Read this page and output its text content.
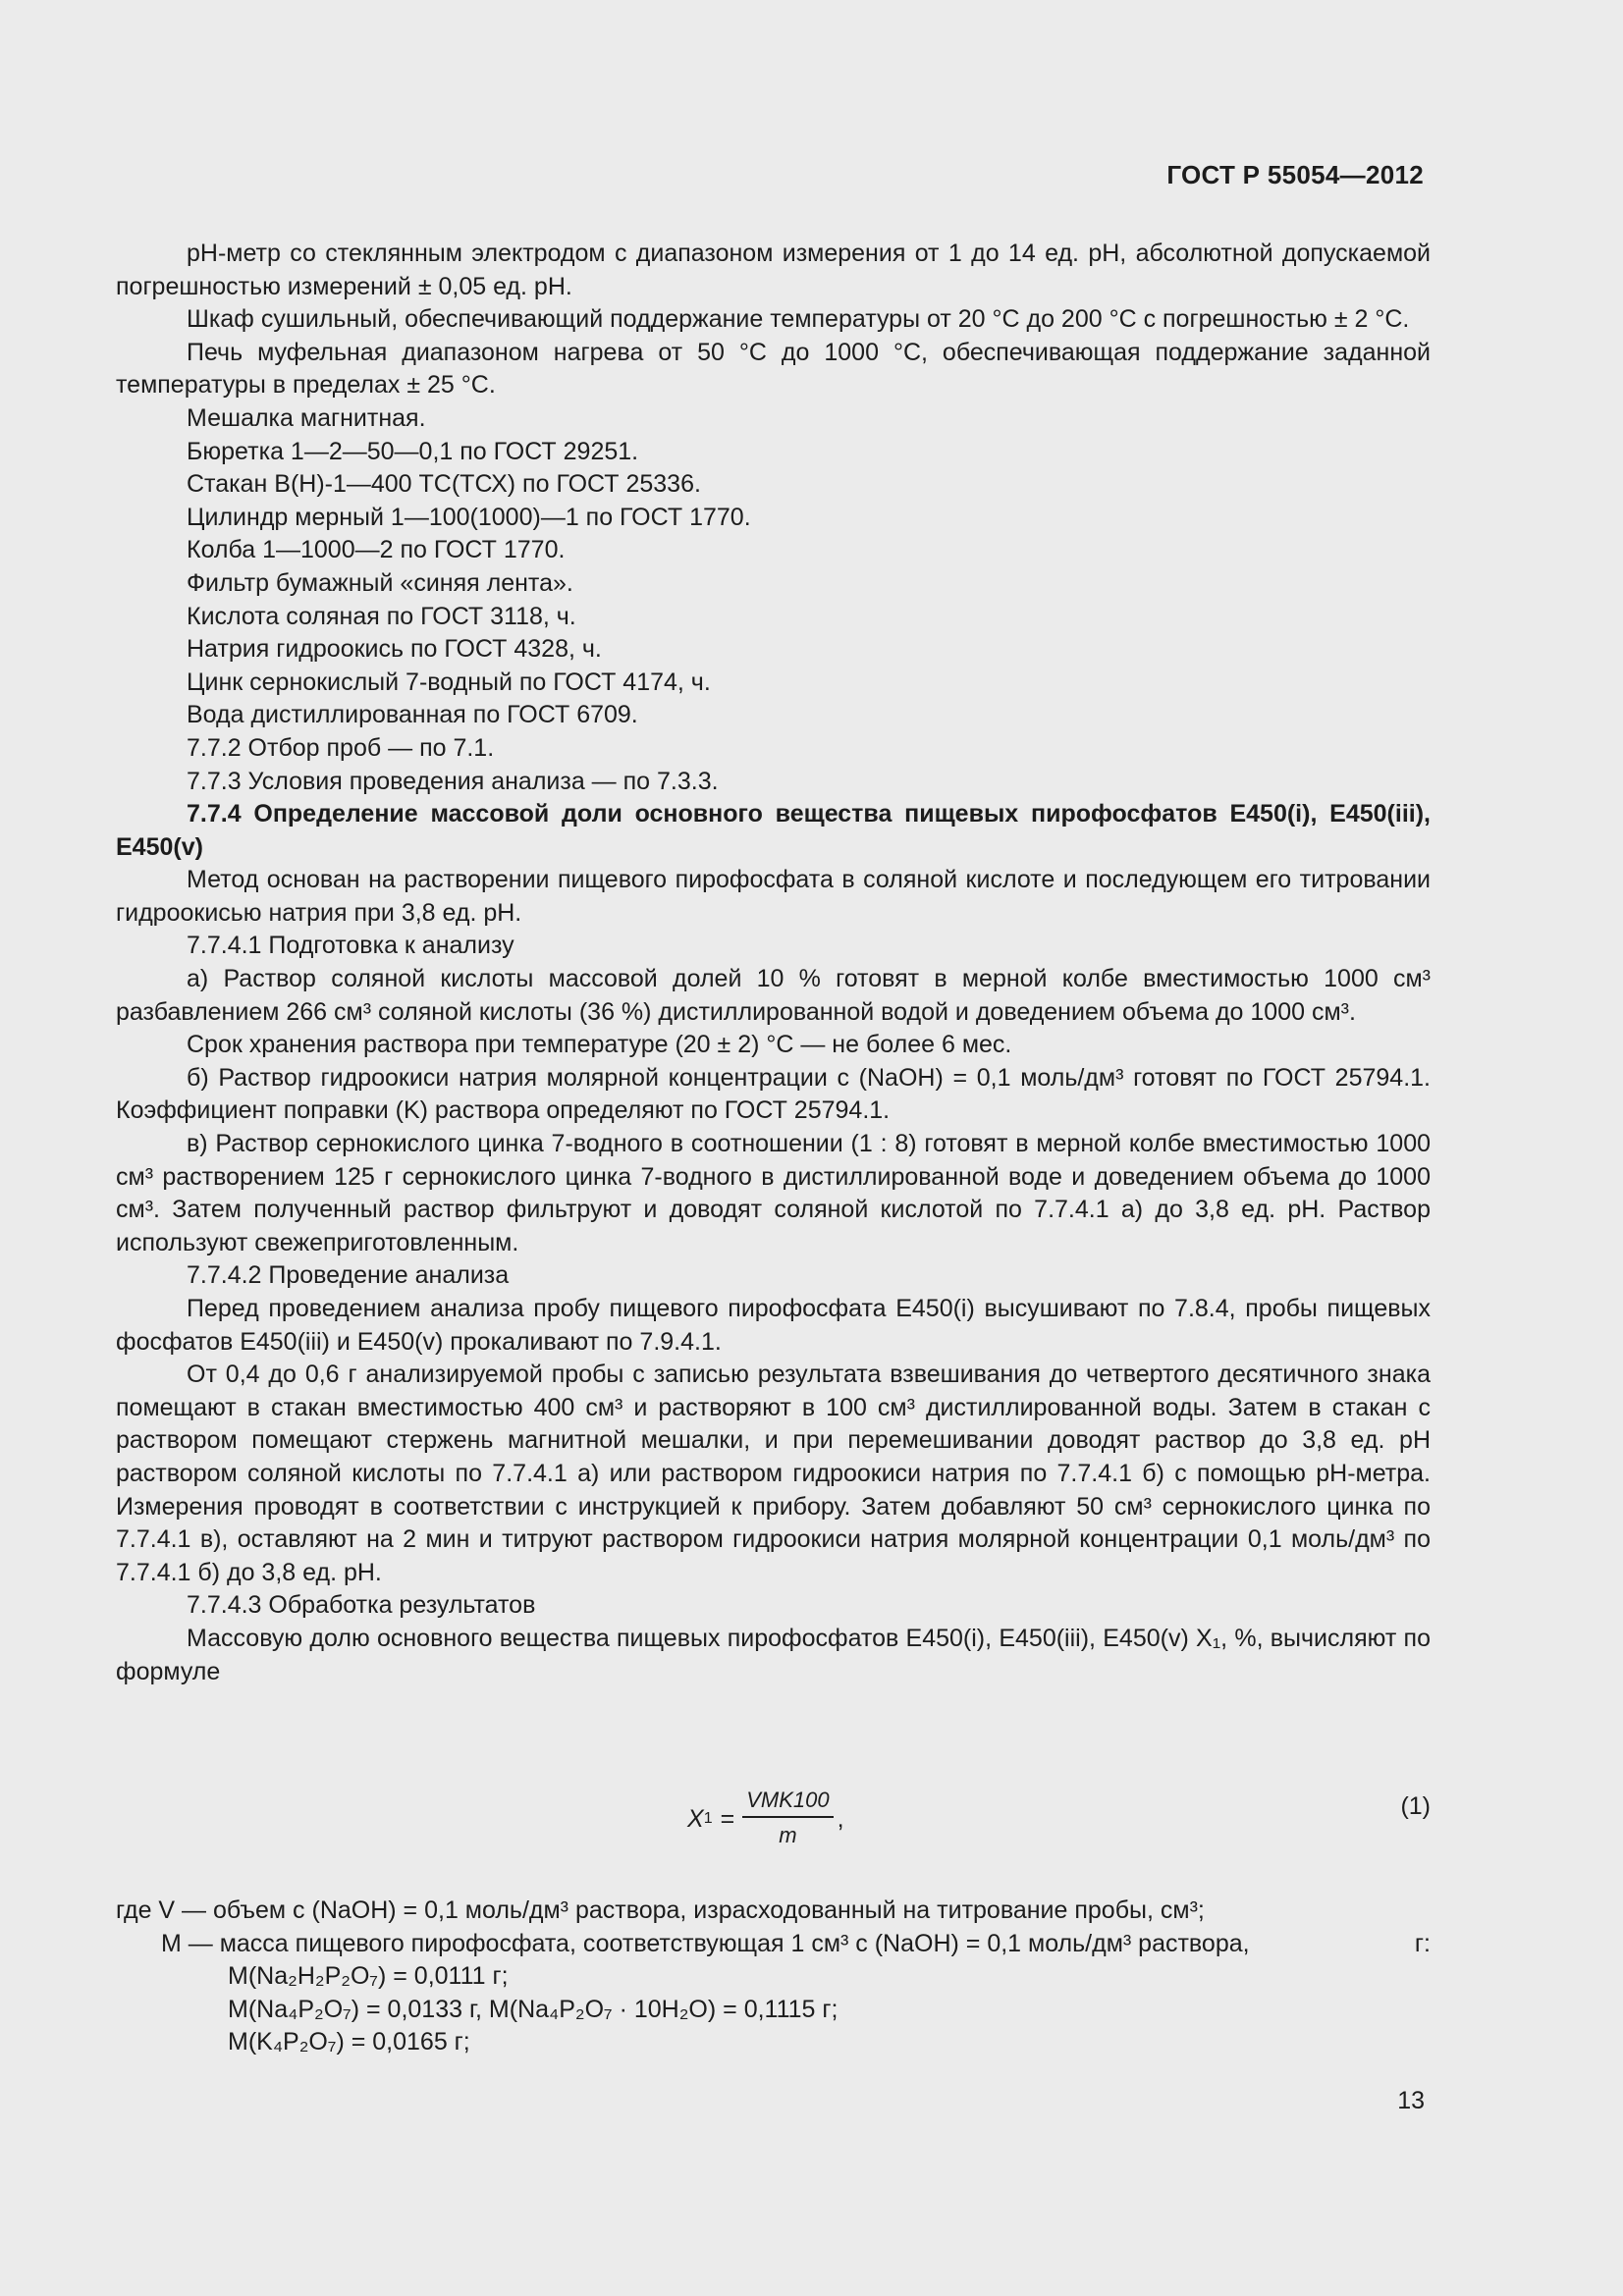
ГОСТ Р 55054—2012

pH-метр со стеклянным электродом с диапазоном измерения от 1 до 14 ед. pH, абсолютной допускаемой погрешностью измерений ± 0,05 ед. pH.

Шкаф сушильный, обеспечивающий поддержание температуры от 20 °С до 200 °С с погрешностью ± 2 °С.

Печь муфельная диапазоном нагрева от 50 °С до 1000 °С, обеспечивающая поддержание заданной температуры в пределах ± 25 °С.

Мешалка магнитная.

Бюретка 1—2—50—0,1 по ГОСТ 29251.

Стакан В(Н)-1—400 ТС(ТСХ) по ГОСТ 25336.

Цилиндр мерный 1—100(1000)—1 по ГОСТ 1770.

Колба 1—1000—2 по ГОСТ 1770.

Фильтр бумажный «синяя лента».

Кислота соляная по ГОСТ 3118, ч.

Натрия гидроокись по ГОСТ 4328, ч.

Цинк сернокислый 7-водный по ГОСТ 4174, ч.

Вода дистиллированная по ГОСТ 6709.

7.7.2 Отбор проб — по 7.1.

7.7.3 Условия проведения анализа — по 7.3.3.

7.7.4 Определение массовой доли основного вещества пищевых пирофосфатов Е450(i), Е450(iii), Е450(v)

Метод основан на растворении пищевого пирофосфата в соляной кислоте и последующем его титровании гидроокисью натрия при 3,8 ед. pH.

7.7.4.1 Подготовка к анализу

а) Раствор соляной кислоты массовой долей 10 % готовят в мерной колбе вместимостью 1000 см³ разбавлением 266 см³ соляной кислоты (36 %) дистиллированной водой и доведением объема до 1000 см³.

Срок хранения раствора при температуре (20 ± 2) °С — не более 6 мес.

б) Раствор гидроокиси натрия молярной концентрации с (NaOH) = 0,1 моль/дм³ готовят по ГОСТ 25794.1. Коэффициент поправки (K) раствора определяют по ГОСТ 25794.1.

в) Раствор сернокислого цинка 7-водного в соотношении (1 : 8) готовят в мерной колбе вместимостью 1000 см³ растворением 125 г сернокислого цинка 7-водного в дистиллированной воде и доведением объема до 1000 см³. Затем полученный раствор фильтруют и доводят соляной кислотой по 7.7.4.1 а) до 3,8 ед. pH. Раствор используют свежеприготовленным.

7.7.4.2 Проведение анализа

Перед проведением анализа пробу пищевого пирофосфата Е450(i) высушивают по 7.8.4, пробы пищевых фосфатов Е450(iii) и Е450(v) прокаливают по 7.9.4.1.

От 0,4 до 0,6 г анализируемой пробы с записью результата взвешивания до четвертого десятичного знака помещают в стакан вместимостью 400 см³ и растворяют в 100 см³ дистиллированной воды. Затем в стакан с раствором помещают стержень магнитной мешалки, и при перемешивании доводят раствор до 3,8 ед. pH раствором соляной кислоты по 7.7.4.1 а) или раствором гидроокиси натрия по 7.7.4.1 б) с помощью pH-метра. Измерения проводят в соответствии с инструкцией к прибору. Затем добавляют 50 см³ сернокислого цинка по 7.7.4.1 в), оставляют на 2 мин и титруют раствором гидроокиси натрия молярной концентрации 0,1 моль/дм³ по 7.7.4.1 б) до 3,8 ед. pH.

7.7.4.3 Обработка результатов

Массовую долю основного вещества пищевых пирофосфатов Е450(i), Е450(iii), Е450(v) X₁, %, вычисляют по формуле

X $1 = \frac{\text{VMK100}}{m}$ ,	(1)
где V — объем с (NaOH) = 0,1 моль/дм³ раствора, израсходованный на титрование пробы, см³;
M — масса пищевого пирофосфата, соответствующая 1 см³ с (NaOH) = 0,1 моль/дм³ раствора,	г:
M(Na₂H₂P₂O₇) = 0,0111 г;
M(Na₄P₂O₇) = 0,0133 г, M(Na₄P₂O₇ · 10H₂O) = 0,1115 г;
M(K₄P₂O₇) = 0,0165 г;
13
